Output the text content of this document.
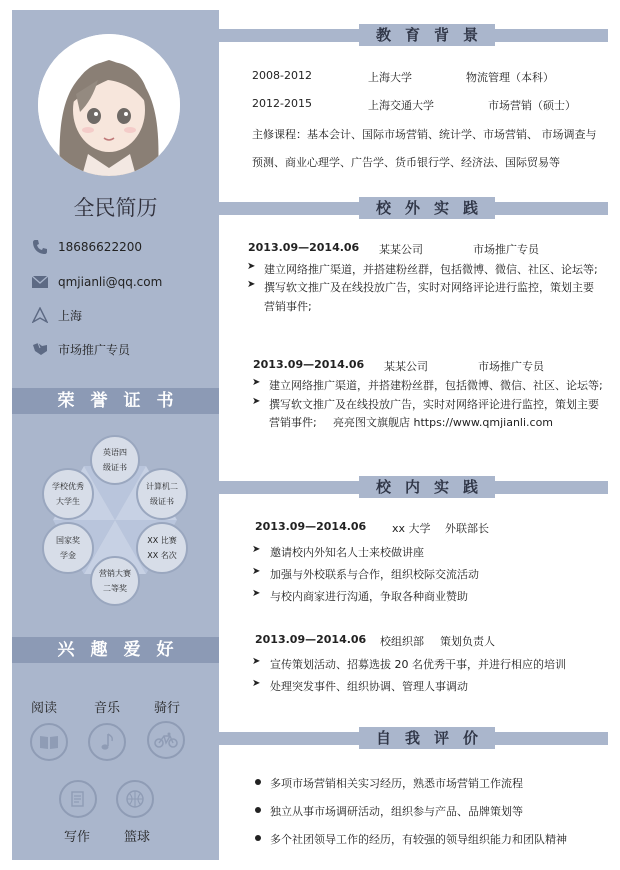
全民简历
18686622200
qmjianli@qq.com
上海
市场推广专员
荣誉证书
英语四
级证书
计算机二
级证书
XX 比赛
XX 名次
营销大赛
二等奖
国家奖
学金
学校优秀
大学生
兴趣爱好
阅读	音乐	骑行
写作	篮球
教育背景
2008-2012	上海大学	物流管理（本科）
2012-2015	上海交通大学	市场营销（硕士）
主修课程：基本会计、国际市场营销、统计学、市场营销、 市场调查与
预测、商业心理学、广告学、货币银行学、经济法、国际贸易等
校外实践
2013.09—2014.06 某某公司	市场推广专员
➤ 建立网络推广渠道，并搭建粉丝群，包括微博、微信、社区、论坛等;
➤ 撰写软文推广及在线投放广告，实时对网络评论进行监控，策划主要
营销事件;
2013.09—2014.06 某某公司	市场推广专员
➤ 建立网络推广渠道，并搭建粉丝群，包括微博、微信、社区、论坛等;
➤ 撰写软文推广及在线投放广告，实时对网络评论进行监控，策划主要
营销事件; 亮亮图文旗舰店 https://www.qmjianli.com
校内实践
2013.09—2014.06 xx 大学 外联部长
➤ 邀请校内外知名人士来校做讲座
➤ 加强与外校联系与合作，组织校际交流活动
➤ 与校内商家进行沟通，争取各种商业赞助
2013.09—2014.06 校组织部 策划负责人
➤ 宣传策划活动、招募选拔 20 名优秀干事，并进行相应的培训
➤ 处理突发事件、组织协调、管理人事调动
自我评价
多项市场营销相关实习经历，熟悉市场营销工作流程
独立从事市场调研活动，组织参与产品、品牌策划等
多个社团领导工作的经历，有较强的领导组织能力和团队精神
